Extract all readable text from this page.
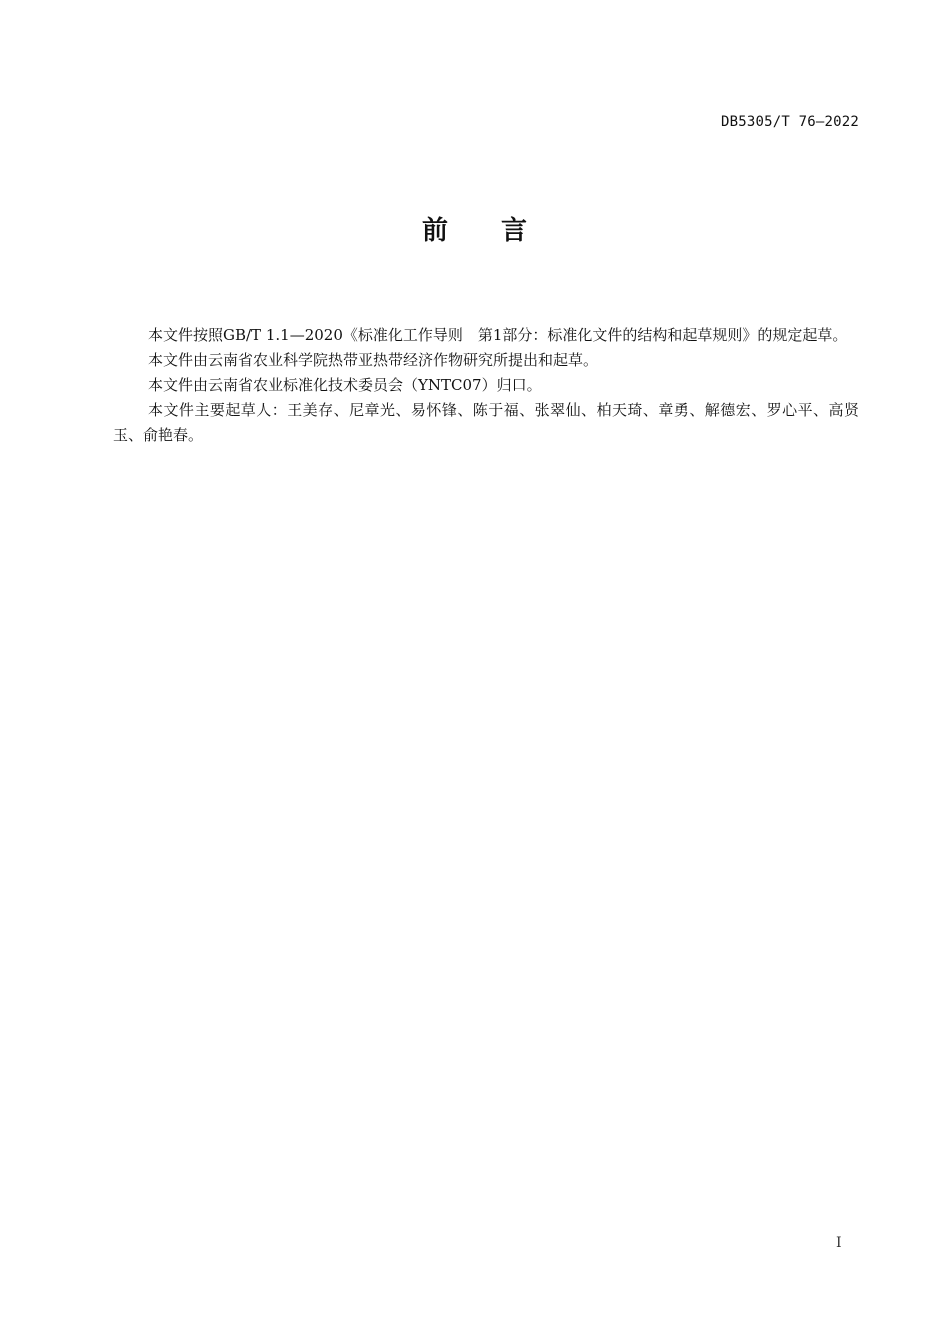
DB5305/T 76—2022
前 言

本文件按照GB/T 1.1—2020《标准化工作导则　第1部分：标准化文件的结构和起草规则》的规定起草。

本文件由云南省农业科学院热带亚热带经济作物研究所提出和起草。

本文件由云南省农业标准化技术委员会（YNTC07）归口。

本文件主要起草人：王美存、尼章光、易怀锋、陈于福、张翠仙、柏天琦、章勇、解德宏、罗心平、高贤玉、俞艳春。

I
